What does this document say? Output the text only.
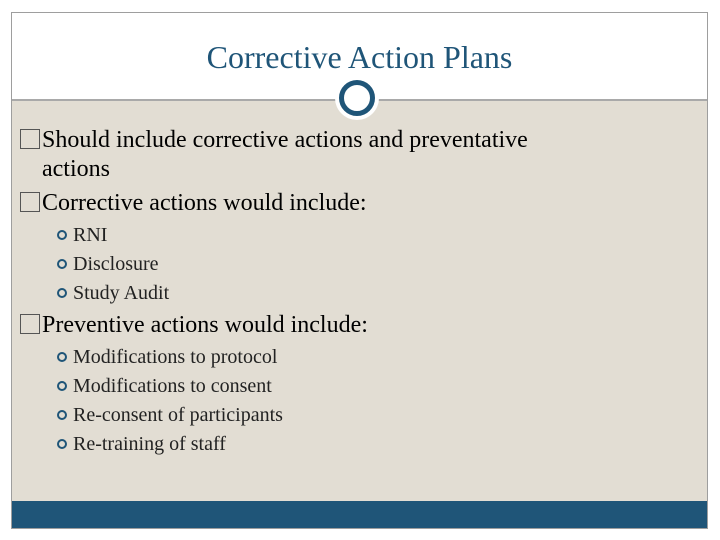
Corrective Action Plans
Should include corrective actions and preventative
actions
Corrective actions would include:
RNI
Disclosure
Study Audit
Preventive actions would include:
Modifications to protocol
Modifications to consent
Re-consent of participants
Re-training of staff
